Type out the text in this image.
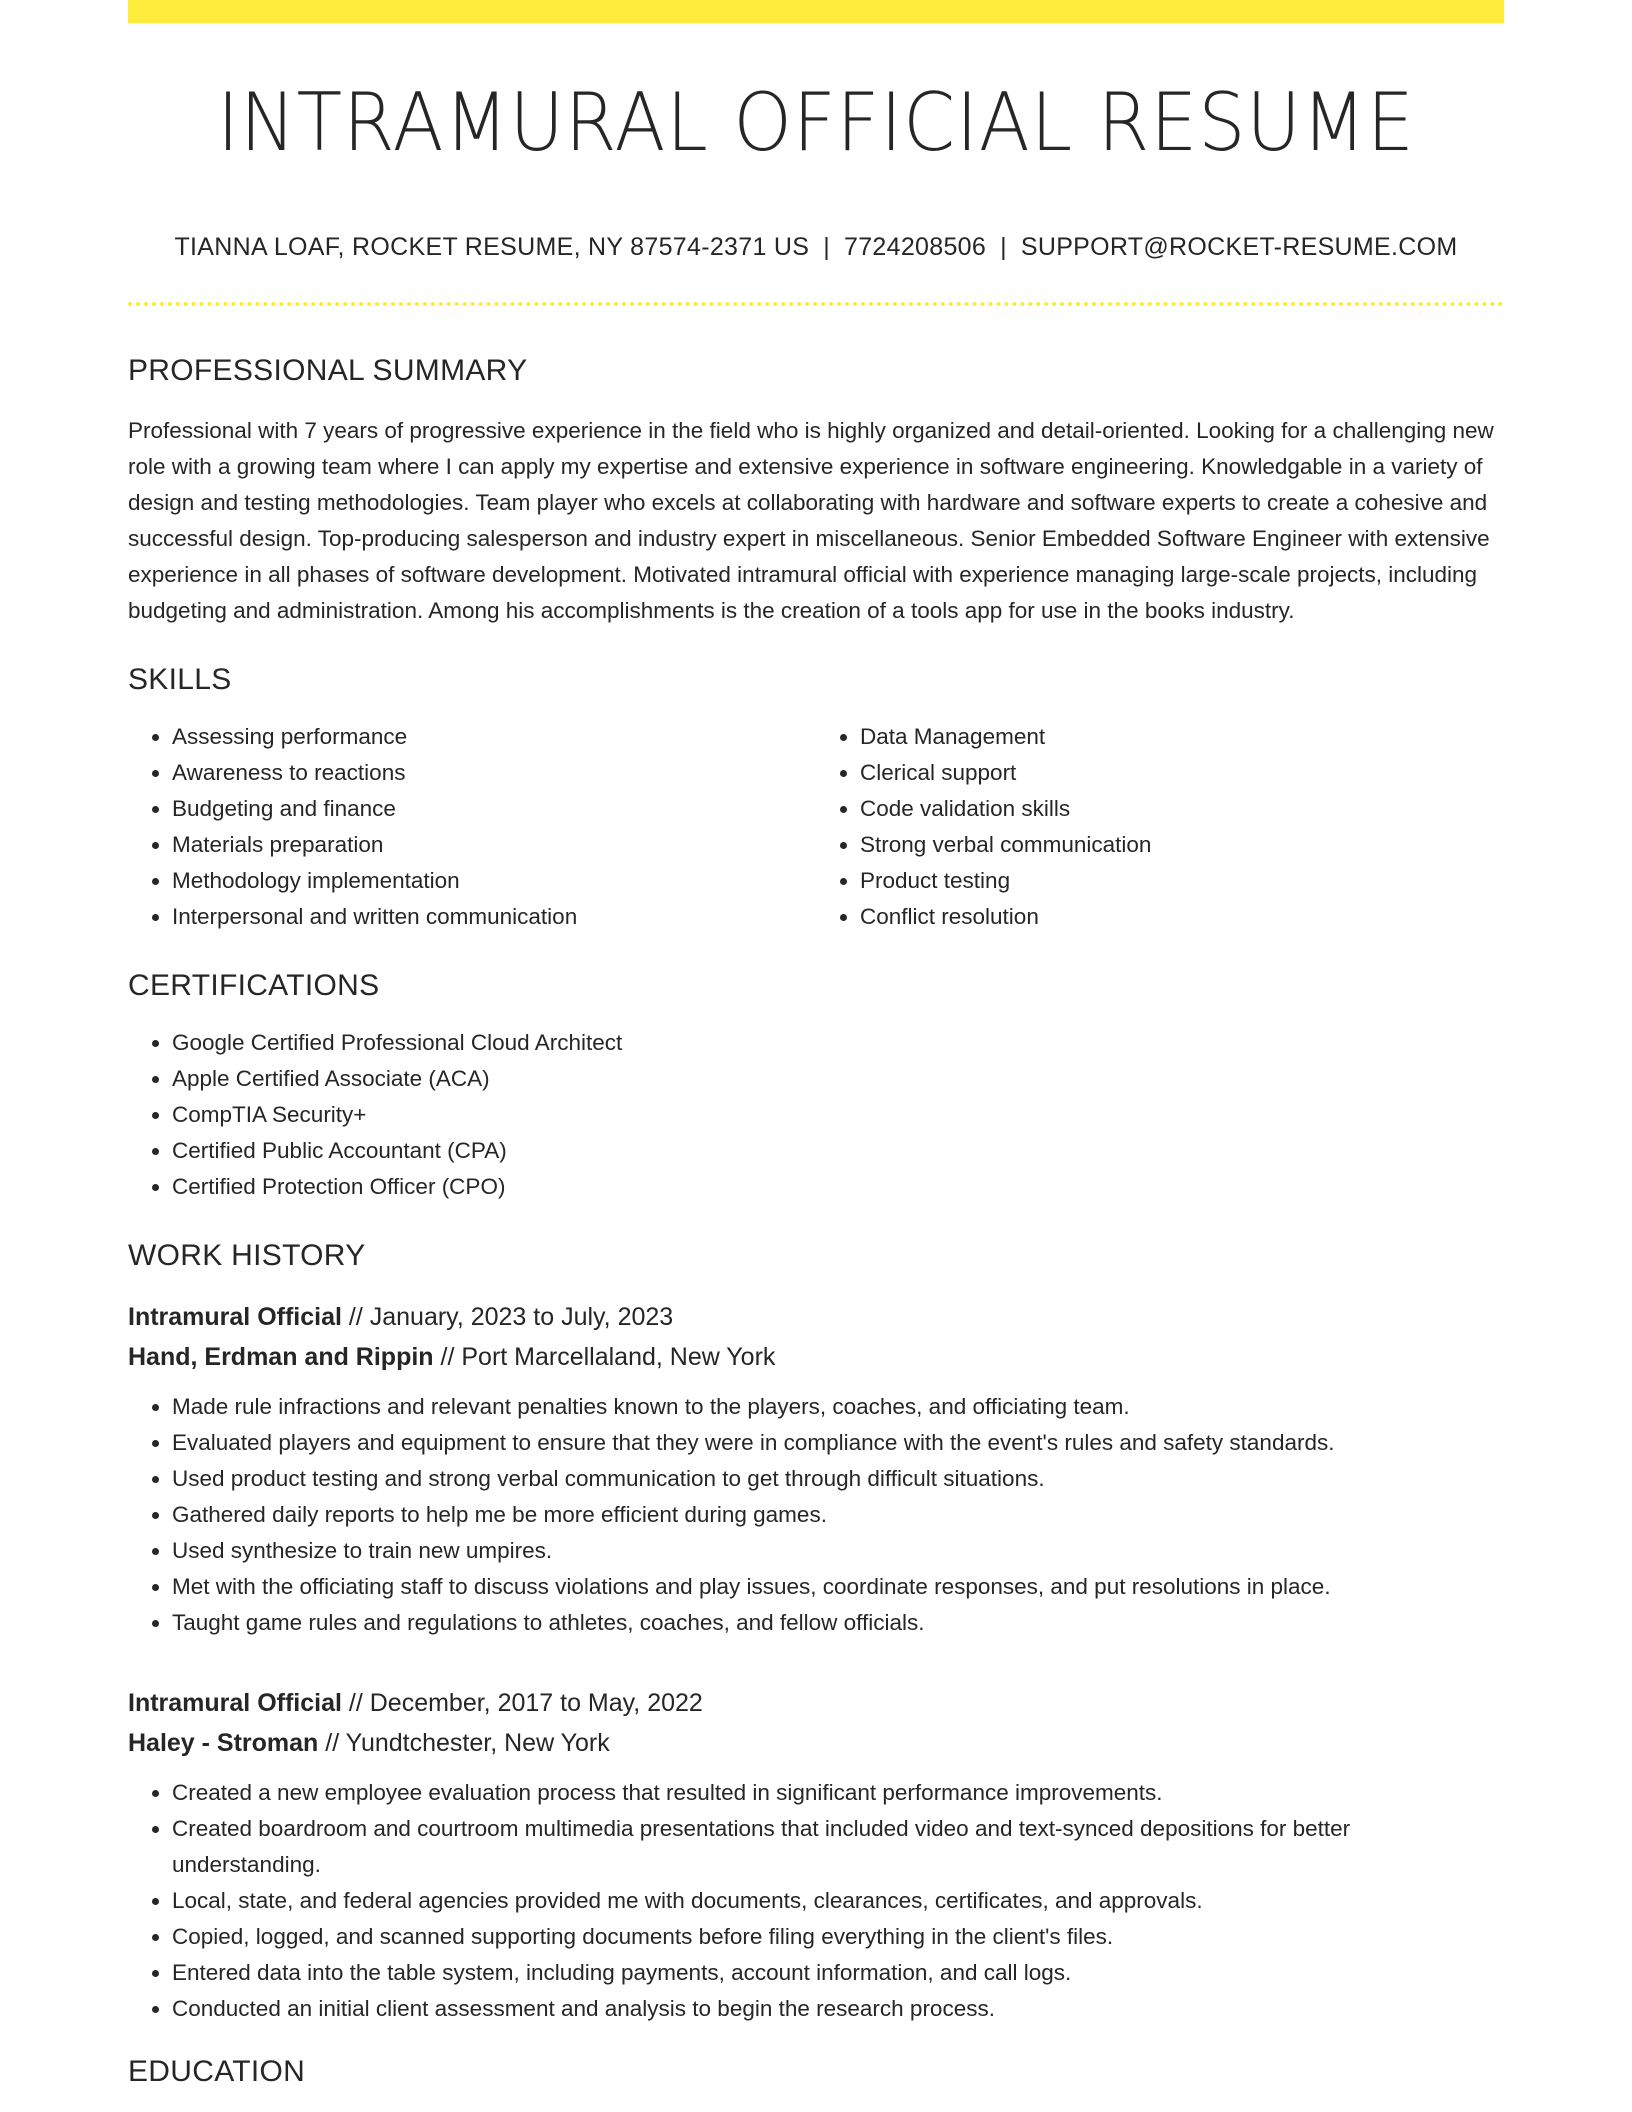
INTRAMURAL OFFICIAL RESUME
TIANNA LOAF, ROCKET RESUME, NY 87574-2371 US | 7724208506 | SUPPORT@ROCKET-RESUME.COM
PROFESSIONAL SUMMARY

Professional with 7 years of progressive experience in the field who is highly organized and detail-oriented. Looking for a challenging new role with a growing team where I can apply my expertise and extensive experience in software engineering. Knowledgable in a variety of design and testing methodologies. Team player who excels at collaborating with hardware and software experts to create a cohesive and successful design. Top-producing salesperson and industry expert in miscellaneous. Senior Embedded Software Engineer with extensive experience in all phases of software development. Motivated intramural official with experience managing large-scale projects, including budgeting and administration. Among his accomplishments is the creation of a tools app for use in the books industry.

SKILLS
• Assessing performance
• Awareness to reactions
• Budgeting and finance
• Materials preparation
• Methodology implementation
• Interpersonal and written communication
• Data Management
• Clerical support
• Code validation skills
• Strong verbal communication
• Product testing
• Conflict resolution
CERTIFICATIONS
• Google Certified Professional Cloud Architect
• Apple Certified Associate (ACA)
• CompTIA Security+
• Certified Public Accountant (CPA)
• Certified Protection Officer (CPO)
WORK HISTORY
Intramural Official // January, 2023 to July, 2023
Hand, Erdman and Rippin // Port Marcellaland, New York
• Made rule infractions and relevant penalties known to the players, coaches, and officiating team.
• Evaluated players and equipment to ensure that they were in compliance with the event's rules and safety standards.
• Used product testing and strong verbal communication to get through difficult situations.
• Gathered daily reports to help me be more efficient during games.
• Used synthesize to train new umpires.
• Met with the officiating staff to discuss violations and play issues, coordinate responses, and put resolutions in place.
• Taught game rules and regulations to athletes, coaches, and fellow officials.
Intramural Official // December, 2017 to May, 2022
Haley - Stroman // Yundtchester, New York
• Created a new employee evaluation process that resulted in significant performance improvements.
• Created boardroom and courtroom multimedia presentations that included video and text-synced depositions for better understanding.
• Local, state, and federal agencies provided me with documents, clearances, certificates, and approvals.
• Copied, logged, and scanned supporting documents before filing everything in the client's files.
• Entered data into the table system, including payments, account information, and call logs.
• Conducted an initial client assessment and analysis to begin the research process.
EDUCATION
